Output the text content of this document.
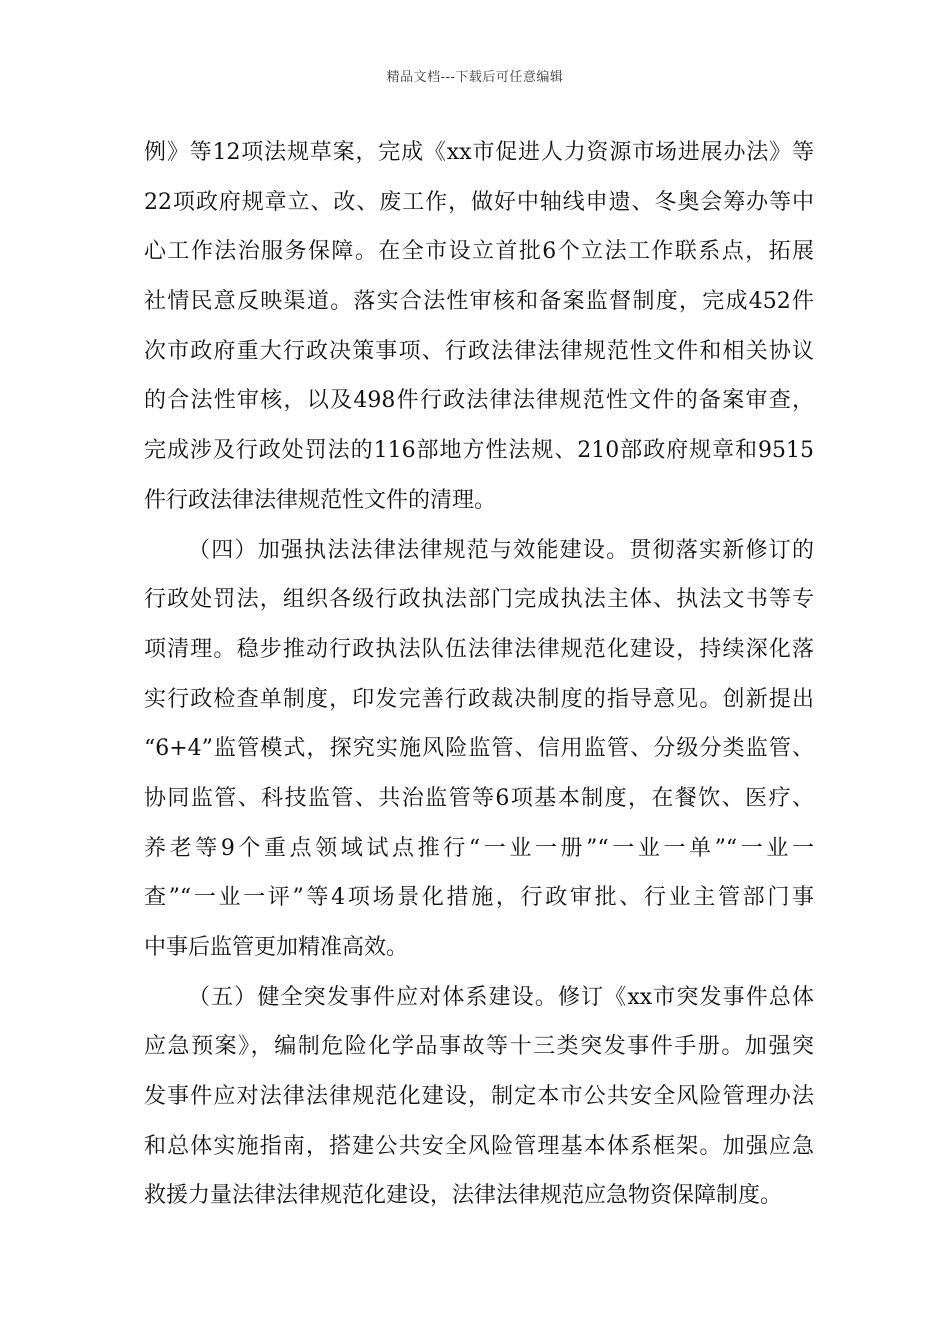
精品文档---下载后可任意编辑
例》等12项法规草案，完成《xx市促进人力资源市场进展办法》等
22项政府规章立、改、废工作，做好中轴线申遗、冬奥会筹办等中
心工作法治服务保障。在全市设立首批6个立法工作联系点，拓展
社情民意反映渠道。落实合法性审核和备案监督制度，完成452件
次市政府重大行政决策事项、行政法律法律规范性文件和相关协议
的合法性审核，以及498件行政法律法律规范性文件的备案审查，
完成涉及行政处罚法的116部地方性法规、210部政府规章和9515
件行政法律法律规范性文件的清理。
（四）加强执法法律法律规范与效能建设。贯彻落实新修订的
行政处罚法，组织各级行政执法部门完成执法主体、执法文书等专
项清理。稳步推动行政执法队伍法律法律规范化建设，持续深化落
实行政检查单制度，印发完善行政裁决制度的指导意见。创新提出
“6+4”监管模式，探究实施风险监管、信用监管、分级分类监管、
协同监管、科技监管、共治监管等6项基本制度，在餐饮、医疗、
养老等9个重点领域试点推行“一业一册”“一业一单”“一业一
查”“一业一评”等4项场景化措施，行政审批、行业主管部门事
中事后监管更加精准高效。
（五）健全突发事件应对体系建设。修订《xx市突发事件总体
应急预案》，编制危险化学品事故等十三类突发事件手册。加强突
发事件应对法律法律规范化建设，制定本市公共安全风险管理办法
和总体实施指南，搭建公共安全风险管理基本体系框架。加强应急
救援力量法律法律规范化建设，法律法律规范应急物资保障制度。
